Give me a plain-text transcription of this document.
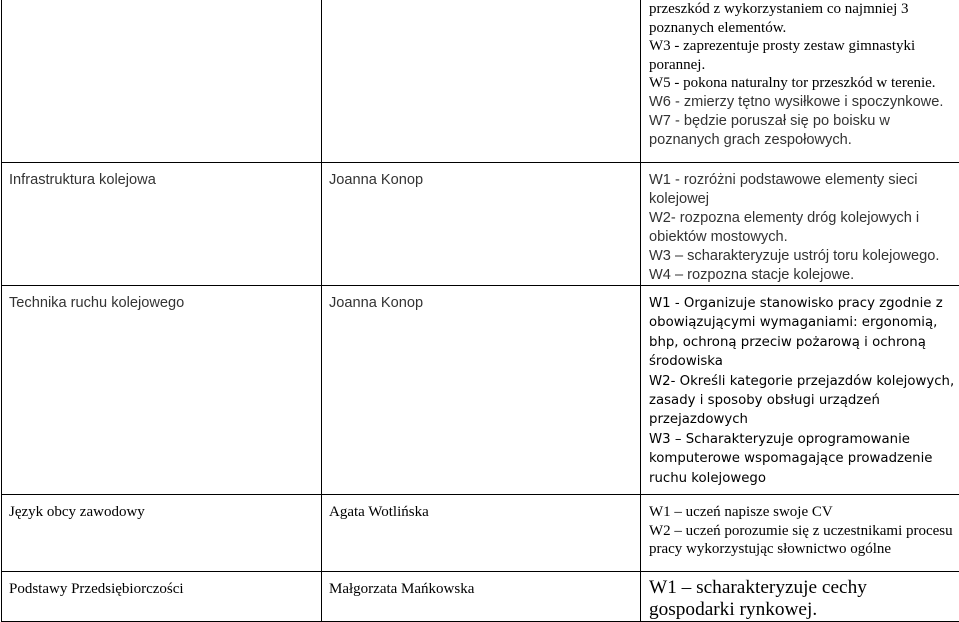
		przeszkód z wykorzystaniem co najmniej 3 poznanych elementów.
W3 - zaprezentuje prosty zestaw gimnastyki porannej.
W5 - pokona naturalny tor przeszkód w terenie.
W6 - zmierzy tętno wysiłkowe i spoczynkowe.
W7 - będzie poruszał się po boisku w poznanych grach zespołowych.

Infrastruktura kolejowa	Joanna Konop	W1 - rozróżni podstawowe elementy sieci kolejowej
W2- rozpozna elementy dróg kolejowych i obiektów mostowych.
W3 – scharakteryzuje ustrój toru kolejowego.
W4 – rozpozna stacje kolejowe.

Technika ruchu kolejowego	Joanna Konop	W1 - Organizuje stanowisko pracy zgodnie z obowiązującymi wymaganiami: ergonomią, bhp, ochroną przeciw pożarową i ochroną środowiska
W2- Określi kategorie przejazdów kolejowych, zasady i sposoby obsługi urządzeń przejazdowych
W3 – Scharakteryzuje oprogramowanie komputerowe wspomagające prowadzenie ruchu kolejowego

Język obcy zawodowy	Agata Wotlińska	W1 – uczeń napisze swoje CV
W2 – uczeń porozumie się z uczestnikami procesu pracy wykorzystując słownictwo ogólne

Podstawy Przedsiębiorczości	Małgorzata Mańkowska	W1 – scharakteryzuje cechy gospodarki rynkowej.
